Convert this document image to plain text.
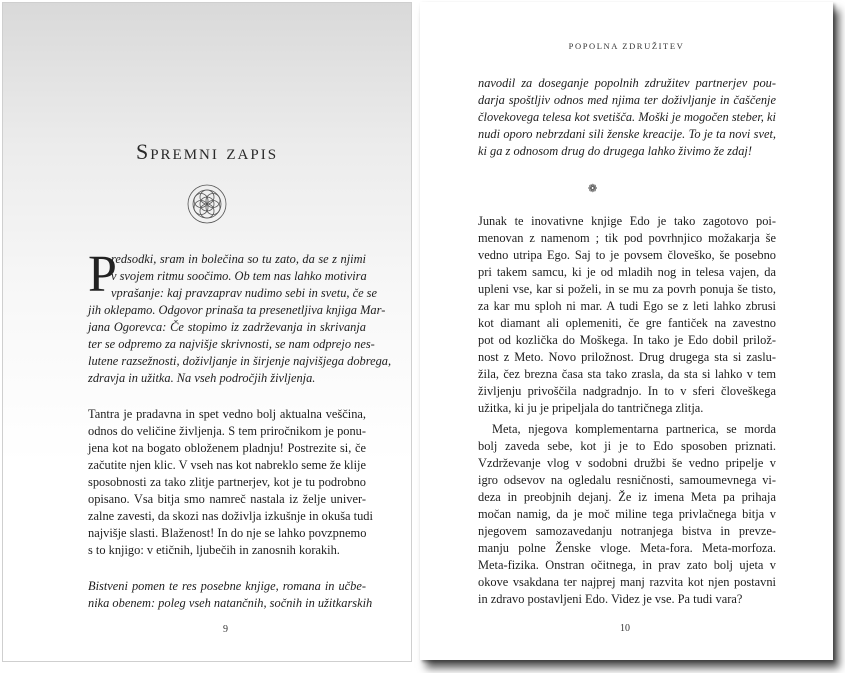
Spremni zapis
P
redsodki, sram in bolečina so tu zato, da se z njimi
v svojem ritmu soočimo. Ob tem nas lahko motivira
vprašanje: kaj pravzaprav nudimo sebi in svetu, če se
jih oklepamo. Odgovor prinaša ta presenetljiva knjiga Mar-
jana Ogorevca: Če stopimo iz zadrževanja in skrivanja
ter se odpremo za najvišje skrivnosti, se nam odprejo nes-
lutene razsežnosti, doživljanje in širjenje najvišjega dobrega,
zdravja in užitka. Na vseh področjih življenja.
Tantra je pradavna in spet vedno bolj aktualna veščina,
odnos do veličine življenja. S tem priročnikom je ponu-
jena kot na bogato obloženem pladnju! Postrezite si, če
začutite njen klic. V vseh nas kot nabreklo seme že klije
sposobnosti za tako zlitje partnerjev, kot je tu podrobno
opisano. Vsa bitja smo namreč nastala iz želje univer-
zalne zavesti, da skozi nas doživlja izkušnje in okuša tudi
najvišje slasti. Blaženost! In do nje se lahko povzpnemo
s to knjigo: v etičnih, ljubečih in zanosnih korakih.
Bistveni pomen te res posebne knjige, romana in učbe-
nika obenem: poleg vseh natančnih, sočnih in užitkarskih
9
POPOLNA ZDRUŽITEV
navodil za doseganje popolnih združitev partnerjev pou-
darja spoštljiv odnos med njima ter doživljanje in čaščenje
človekovega telesa kot svetišča. Moški je mogočen steber, ki
nudi oporo nebrzdani sili ženske kreacije. To je ta novi svet,
ki ga z odnosom drug do drugega lahko živimo že zdaj!
❁
Junak te inovativne knjige Edo je tako zagotovo poi-
menovan z namenom ; tik pod povrhnjico možakarja še
vedno utripa Ego. Saj to je povsem človeško, še posebno
pri takem samcu, ki je od mladih nog in telesa vajen, da
upleni vse, kar si poželi, in se mu za povrh ponuja še tisto,
za kar mu sploh ni mar. A tudi Ego se z leti lahko zbrusi
kot diamant ali oplemeniti, če gre fantiček na zavestno
pot od kozlička do Moškega. In tako je Edo dobil prilož-
nost z Meto. Novo priložnost. Drug drugega sta si zaslu-
žila, čez brezna časa sta tako zrasla, da sta si lahko v tem
življenju privoščila nadgradnjo. In to v sferi človeškega
užitka, ki ju je pripeljala do tantričnega zlitja.
Meta, njegova komplementarna partnerica, se morda
bolj zaveda sebe, kot ji je to Edo sposoben priznati.
Vzdrževanje vlog v sodobni družbi še vedno pripelje v
igro odsevov na ogledalu resničnosti, samoumevnega vi-
deza in preobjnih dejanj. Že iz imena Meta pa prihaja
močan namig, da je moč miline tega privlačnega bitja v
njegovem samozavedanju notranjega bistva in prevze-
manju polne Ženske vloge. Meta-fora. Meta-morfoza.
Meta-fizika. Onstran očitnega, in prav zato bolj ujeta v
okove vsakdana ter najprej manj razvita kot njen postavni
in zdravo postavljeni Edo. Videz je vse. Pa tudi vara?
10
